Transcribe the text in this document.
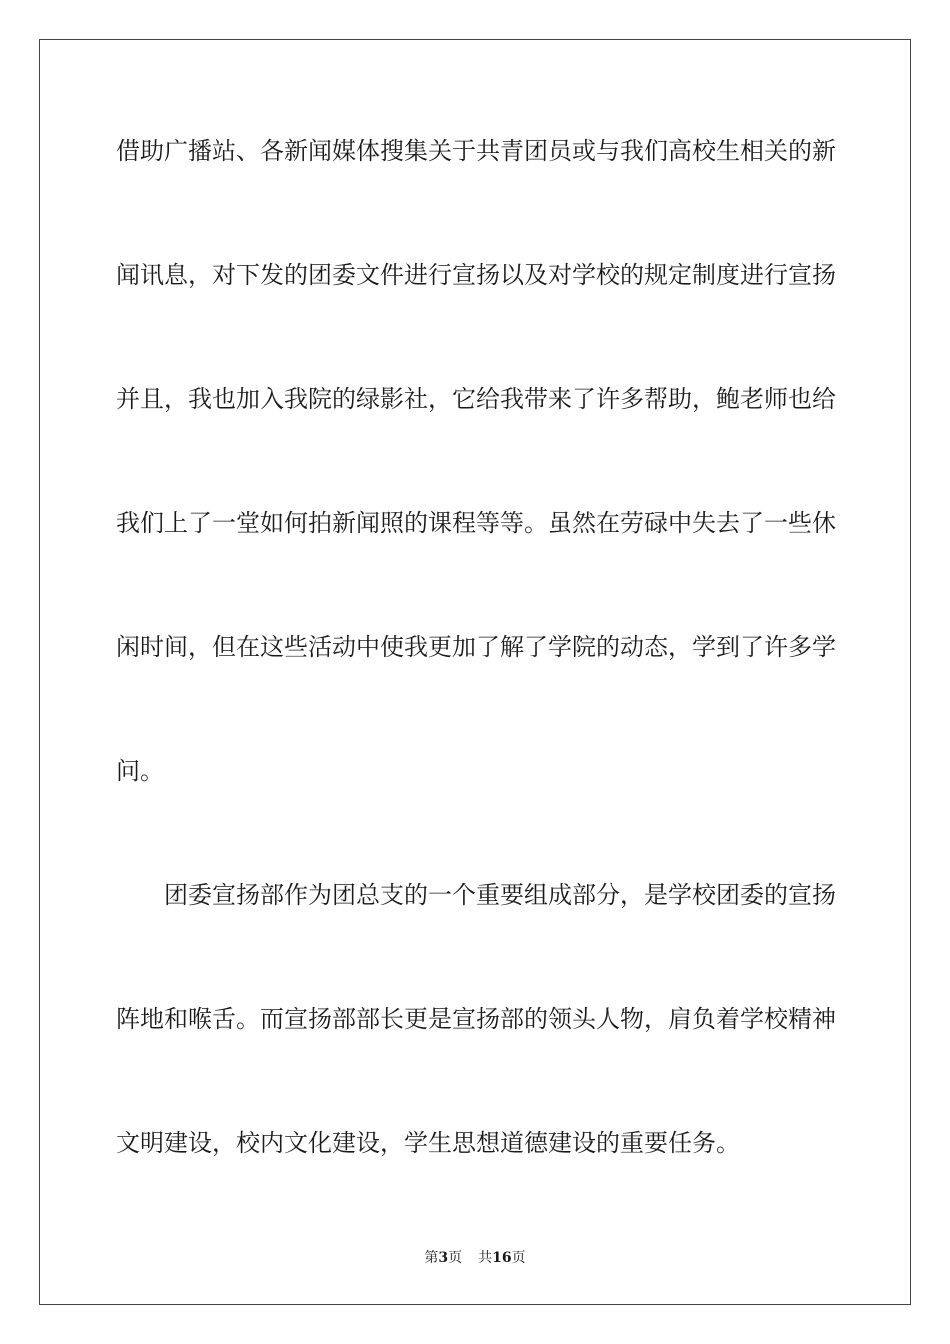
借助广播站、各新闻媒体搜集关于共青团员或与我们高校生相关的新
闻讯息，对下发的团委文件进行宣扬以及对学校的规定制度进行宣扬
并且，我也加入我院的绿影社，它给我带来了许多帮助，鲍老师也给
我们上了一堂如何拍新闻照的课程等等。虽然在劳碌中失去了一些休
闲时间，但在这些活动中使我更加了解了学院的动态，学到了许多学
问。
团委宣扬部作为团总支的一个重要组成部分，是学校团委的宣扬
阵地和喉舌。而宣扬部部长更是宣扬部的领头人物，肩负着学校精神
文明建设，校内文化建设，学生思想道德建设的重要任务。
第3页 共16页
